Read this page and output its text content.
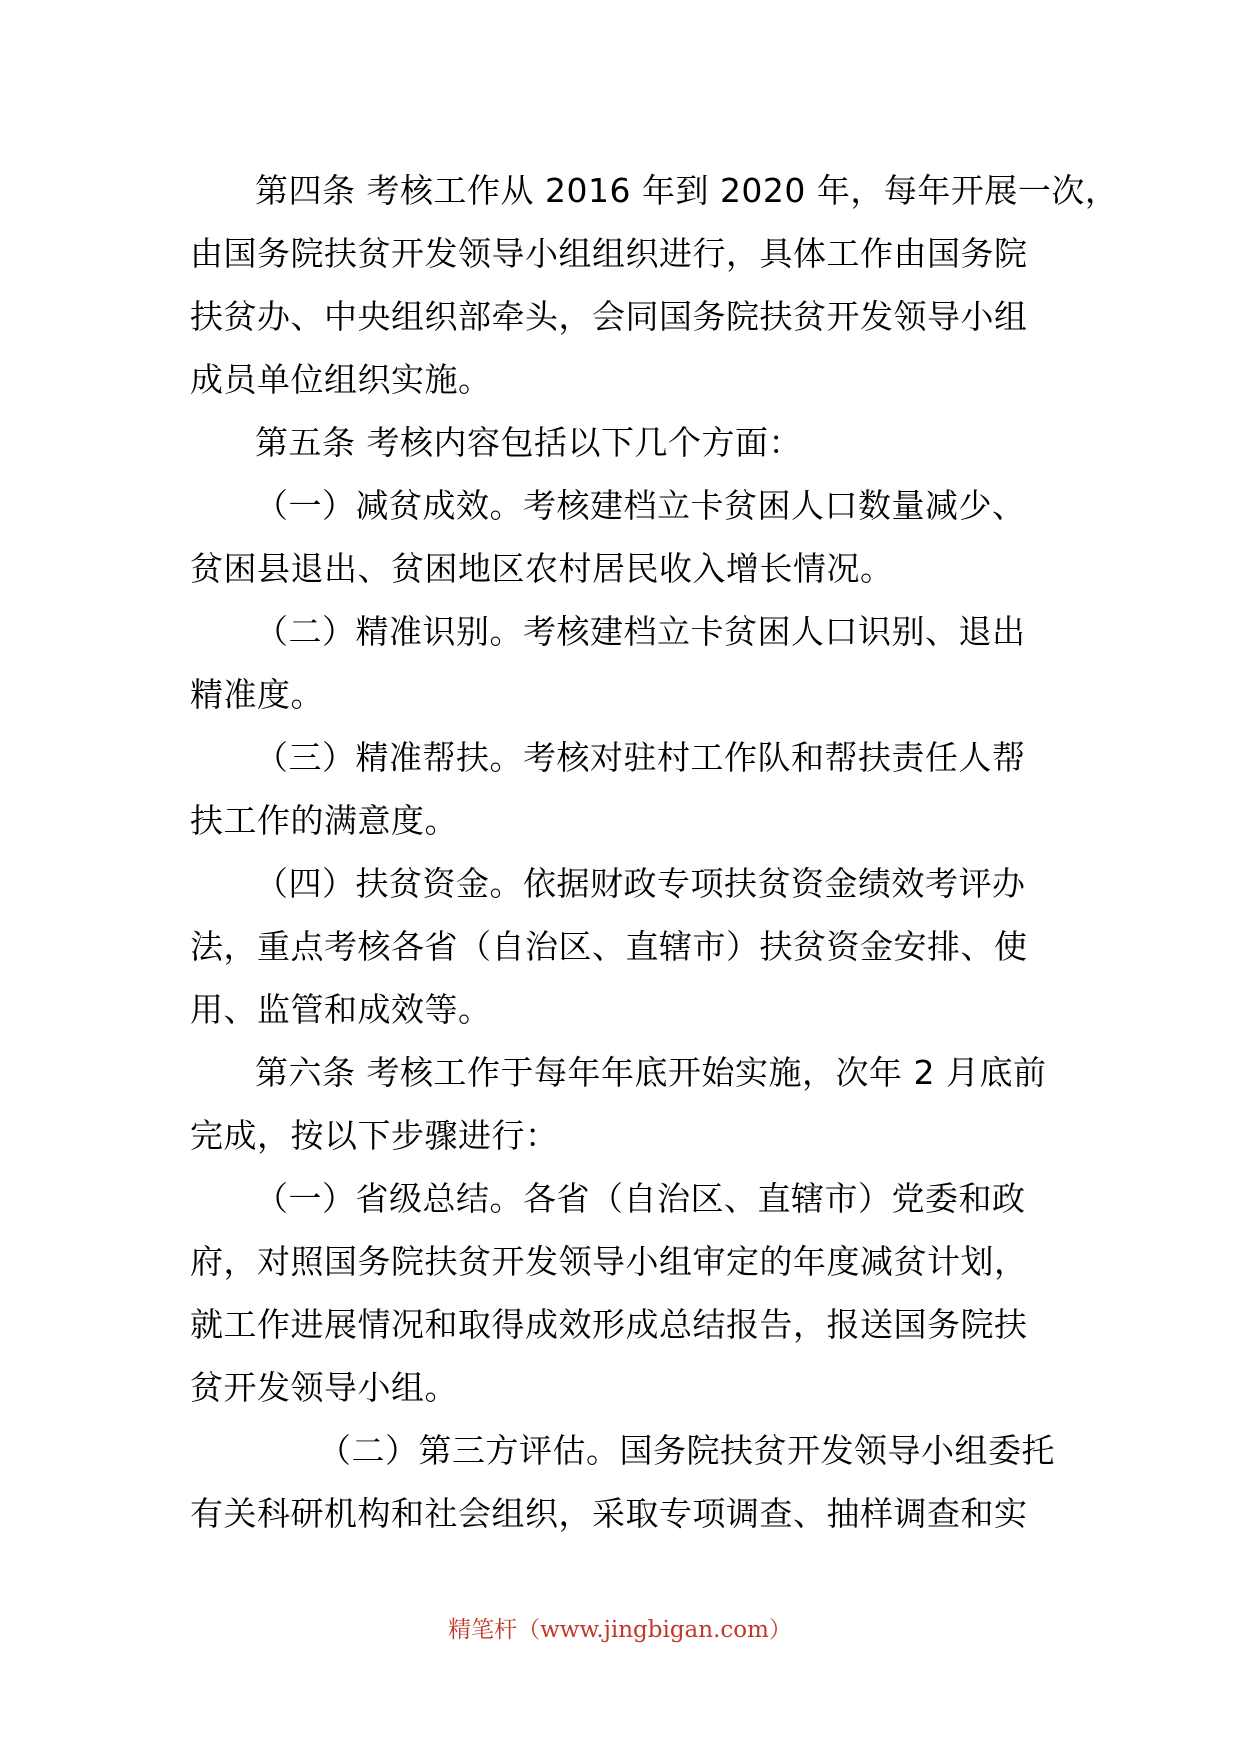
第四条 考核工作从 2016 年到 2020 年，每年开展一次，
由国务院扶贫开发领导小组组织进行，具体工作由国务院
扶贫办、中央组织部牵头，会同国务院扶贫开发领导小组
成员单位组织实施。
第五条 考核内容包括以下几个方面：
（一）减贫成效。考核建档立卡贫困人口数量减少、
贫困县退出、贫困地区农村居民收入增长情况。
（二）精准识别。考核建档立卡贫困人口识别、退出
精准度。
（三）精准帮扶。考核对驻村工作队和帮扶责任人帮
扶工作的满意度。
（四）扶贫资金。依据财政专项扶贫资金绩效考评办
法，重点考核各省（自治区、直辖市）扶贫资金安排、使
用、监管和成效等。
第六条 考核工作于每年年底开始实施，次年 2 月底前
完成，按以下步骤进行：
（一）省级总结。各省（自治区、直辖市）党委和政
府，对照国务院扶贫开发领导小组审定的年度减贫计划，
就工作进展情况和取得成效形成总结报告，报送国务院扶
贫开发领导小组。
（二）第三方评估。国务院扶贫开发领导小组委托
有关科研机构和社会组织，采取专项调查、抽样调查和实
精笔杆（www.jingbigan.com）
